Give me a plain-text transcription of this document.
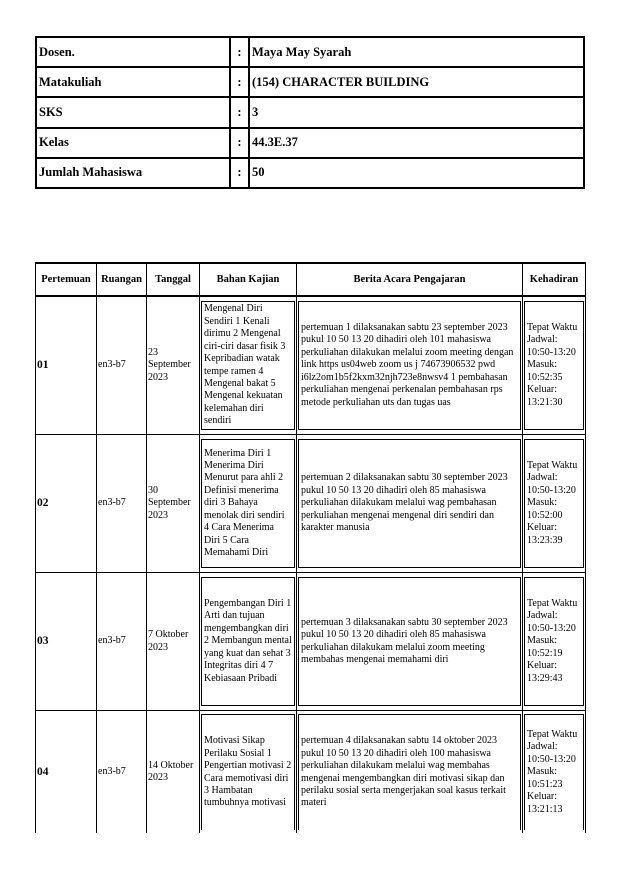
Dosen.	:	Maya May Syarah
Matakuliah	:	(154) CHARACTER BUILDING
SKS	:	3
Kelas	:	44.3E.37
Jumlah Mahasiswa	:	50
Pertemuan	Ruangan	Tanggal	Bahan Kajian	Berita Acara Pengajaran	Kehadiran
01	en3-b7	23 September 2023	Mengenal Diri Sendiri 1 Kenali dirimu 2 Mengenal ciri-ciri dasar fisik 3 Kepribadian watak tempe ramen 4 Mengenal bakat 5 Mengenal kekuatan kelemahan diri sendiri	pertemuan 1 dilaksanakan sabtu 23 september 2023 pukul 10 50 13 20 dihadiri oleh 101 mahasiswa perkuliahan dilakukan melalui zoom meeting dengan link https us04web zoom us j 74673906532 pwd i6lz2om1b5f2kxm32njh723e8nwsv4 1 pembahasan perkuliahan mengenai perkenalan pembahasan rps metode perkuliahan uts dan tugas uas	Tepat Waktu Jadwal: 10:50-13:20 Masuk: 10:52:35 Keluar: 13:21:30

02	en3-b7	30 September 2023	Menerima Diri 1 Menerima Diri Menurut para ahli 2 Definisi menerima diri 3 Bahaya menolak diri sendiri 4 Cara Menerima Diri 5 Cara Memahami Diri	pertemuan 2 dilaksanakan sabtu 30 september 2023 pukul 10 50 13 20 dihadiri oleh 85 mahasiswa perkuliahan dilakukam melalui wag pembahasan perkuliahan mengenai mengenal diri sendiri dan karakter manusia	Tepat Waktu Jadwal: 10:50-13:20 Masuk: 10:52:00 Keluar: 13:23:39

03	en3-b7	7 Oktober 2023	Pengembangan Diri 1 Arti dan tujuan mengembangkan diri 2 Membangun mental yang kuat dan sehat 3 Integritas diri 4 7 Kebiasaan Pribadi	pertemuan 3 dilaksanakan sabtu 30 september 2023 pukul 10 50 13 20 dihadiri oleh 85 mahasiswa perkuliahan dilakukam melalui zoom meeting membahas mengenai memahami diri	Tepat Waktu Jadwal: 10:50-13:20 Masuk: 10:52:19 Keluar: 13:29:43

04	en3-b7	14 Oktober 2023	Motivasi Sikap Perilaku Sosial 1 Pengertian motivasi 2 Cara memotivasi diri 3 Hambatan tumbuhnya motivasi	pertemuan 4 dilaksanakan sabtu 14 oktober 2023 pukul 10 50 13 20 dihadiri oleh 100 mahasiswa perkuliahan dilakukam melalui wag membahas mengenai mengembangkan diri motivasi sikap dan perilaku sosial serta mengerjakan soal kasus terkait materi	Tepat Waktu Jadwal: 10:50-13:20 Masuk: 10:51:23 Keluar: 13:21:13
